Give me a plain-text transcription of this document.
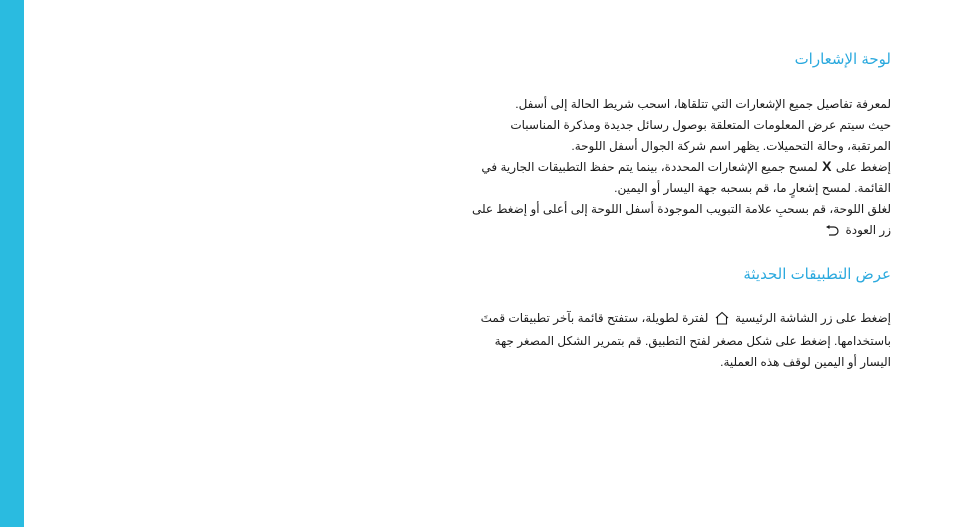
لوحة الإشعارات

لمعرفة تفاصيل جميع الإشعارات التي تتلقاها، اسحب شريط الحالة إلى أسفل.

حيث سيتم عرض المعلومات المتعلقة بوصول رسائل جديدة ومذكرة المناسبات المرتقبة، وحالة التحميلات. يظهر اسم شركة الجوال أسفل اللوحة.

إضغط على X لمسح جميع الإشعارات المحددة، بينما يتم حفظ التطبيقات الجارية في القائمة. لمسح إشعارٍ ما، قم بسحبه جهة اليسار أو اليمين.

لغلق اللوحة، قم بسحبِ علامة التبويب الموجودة أسفل اللوحة إلى أعلى أو إضغط على زر العودة

عرض التطبيقات الحديثة

إضغط على زر الشاشة الرئيسية  لفترة لطويلة، ستفتح قائمة بآخر تطبيقات قمتَ باستخدامها. إضغط على شكل مصغر لفتح التطبيق. قم بتمرير الشكل المصغر جهة اليسار أو اليمين لوقف هذه العملية.
